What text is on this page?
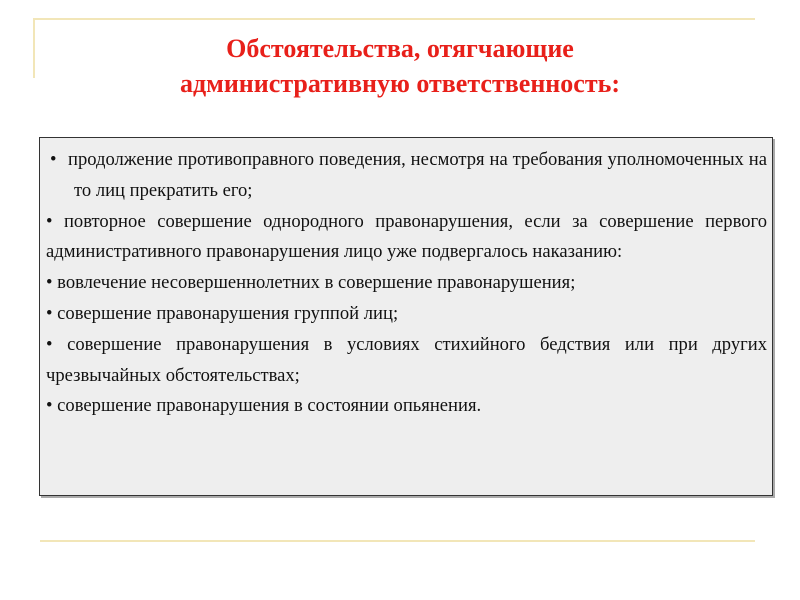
Обстоятельства, отягчающие
административную ответственность:
• продолжение противоправного поведения, несмотря на требования уполномоченных на то лиц прекратить его;
• повторное совершение однородного правонарушения, если за совершение первого административного правонарушения лицо уже подвергалось наказанию:
• вовлечение несовершеннолетних в совершение правонарушения;
• совершение правонарушения группой лиц;
• совершение правонарушения в условиях стихийного бедствия или при других чрезвычайных обстоятельствах;
• совершение правонарушения в состоянии опьянения.
